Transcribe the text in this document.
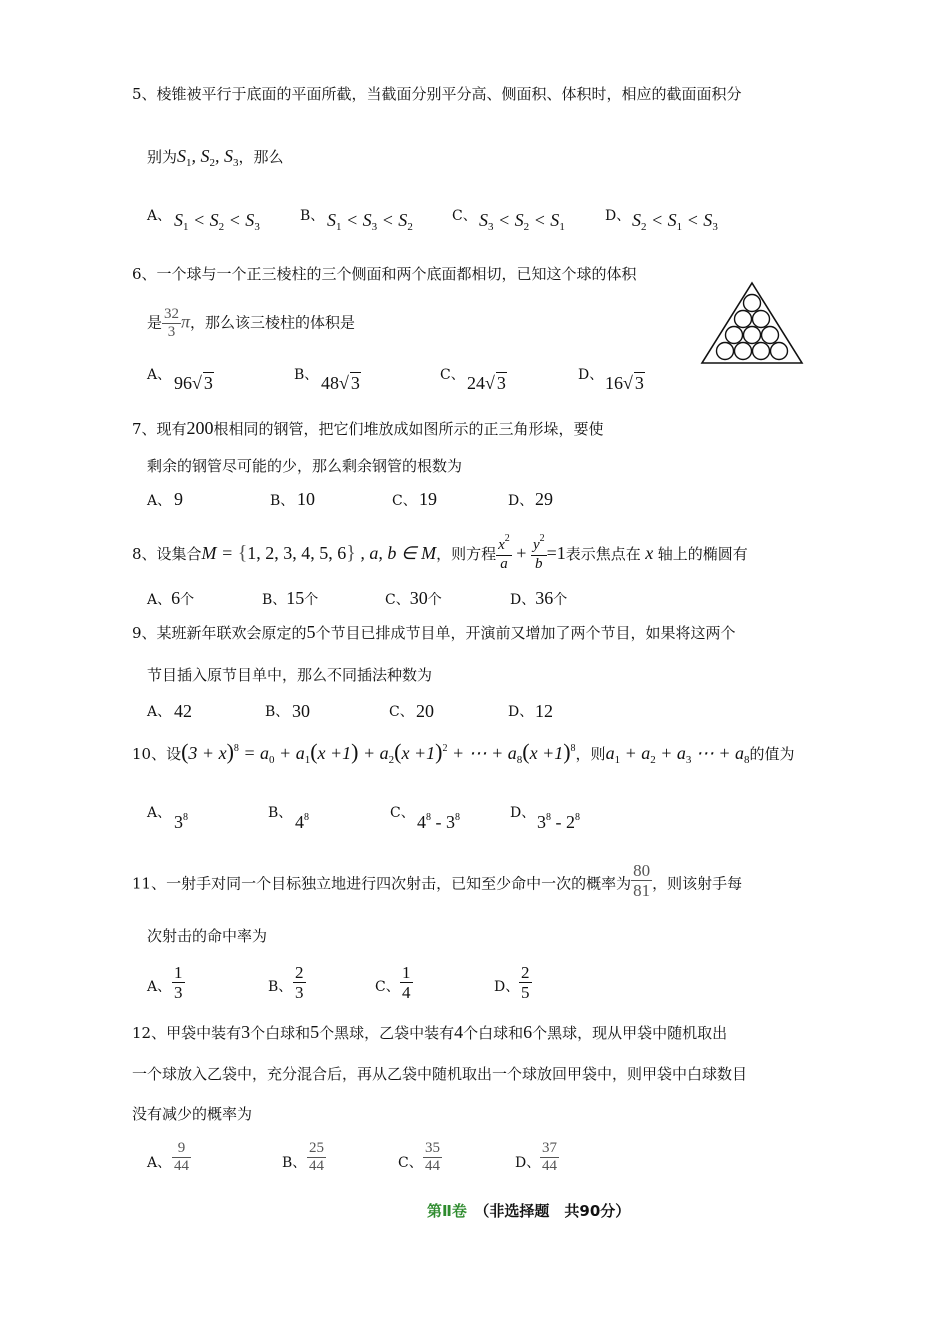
5、棱锥被平行于底面的平面所截，当截面分别平分高、侧面积、体积时，相应的截面面积分
别为$S_1$, $S_2$, $S_3$，那么
A、 $S_1 < S_2 < S_3$
B、 $S_1 < S_3 < S_2$
C、 $S_3 < S_2 < S_1$
D、 $S_2 < S_1 < S_3$
6、一个球与一个正三棱柱的三个侧面和两个底面都相切，已知这个球的体积
是 $\frac{32}{3}$ π，那么该三棱柱的体积是
A、 96√ 3	B、 48√ 3	C、 24√ 3	D、 16√ 3
7、现有200根相同的钢管，把它们堆放成如图所示的正三角形垛，要使
剩余的钢管尽可能的少，那么剩余钢管的根数为
A、 9	B、 10	C、 19	D、 29
8、设集合M = {1, 2, 3, 4, 5, 6} , a, b ∈ M，则方程 $\frac{x^2}{a} + \frac{y^2}{b} =1$表示焦点在 x 轴上的椭圆有
A、6个	B、15个	C、30个	D、36个
9、某班新年联欢会原定的5个节目已排成节目单，开演前又增加了两个节目，如果将这两个
节目插入原节目单中，那么不同插法种数为
A、 42	B、 30	C、 20	D、 12
10、设$(3 + x)^8 = a_0 + a_1(x +1) + a_2(x +1)^2$ + ⋯ + $a_8(x +1)^8$，则$a_1 + a_2 + a_3$ ⋯ + $a_8$的值为
A、 $3^8$	B、 $4^8$	C、 $4^8 - 3^8$	D、 $3^8 - 2^8$
11、一射手对同一个目标独立地进行四次射击，已知至少命中一次的概率为 $\frac{80}{81}$ ，则该射手每
次射击的命中率为
A、 $\frac{1}{3}$	B、 $\frac{2}{3}$	C、 $\frac{1}{4}$	D、 $\frac{2}{5}$
12、甲袋中装有3个白球和5个黑球，乙袋中装有4个白球和6个黑球，现从甲袋中随机取出
一个球放入乙袋中，充分混合后，再从乙袋中随机取出一个球放回甲袋中，则甲袋中白球数目
没有减少的概率为
A、 $\frac{9}{44}$	B、 $\frac{25}{44}$	C、 $\frac{35}{44}$	D、 $\frac{37}{44}$
第Ⅱ卷　 （非选择题　共90分）
